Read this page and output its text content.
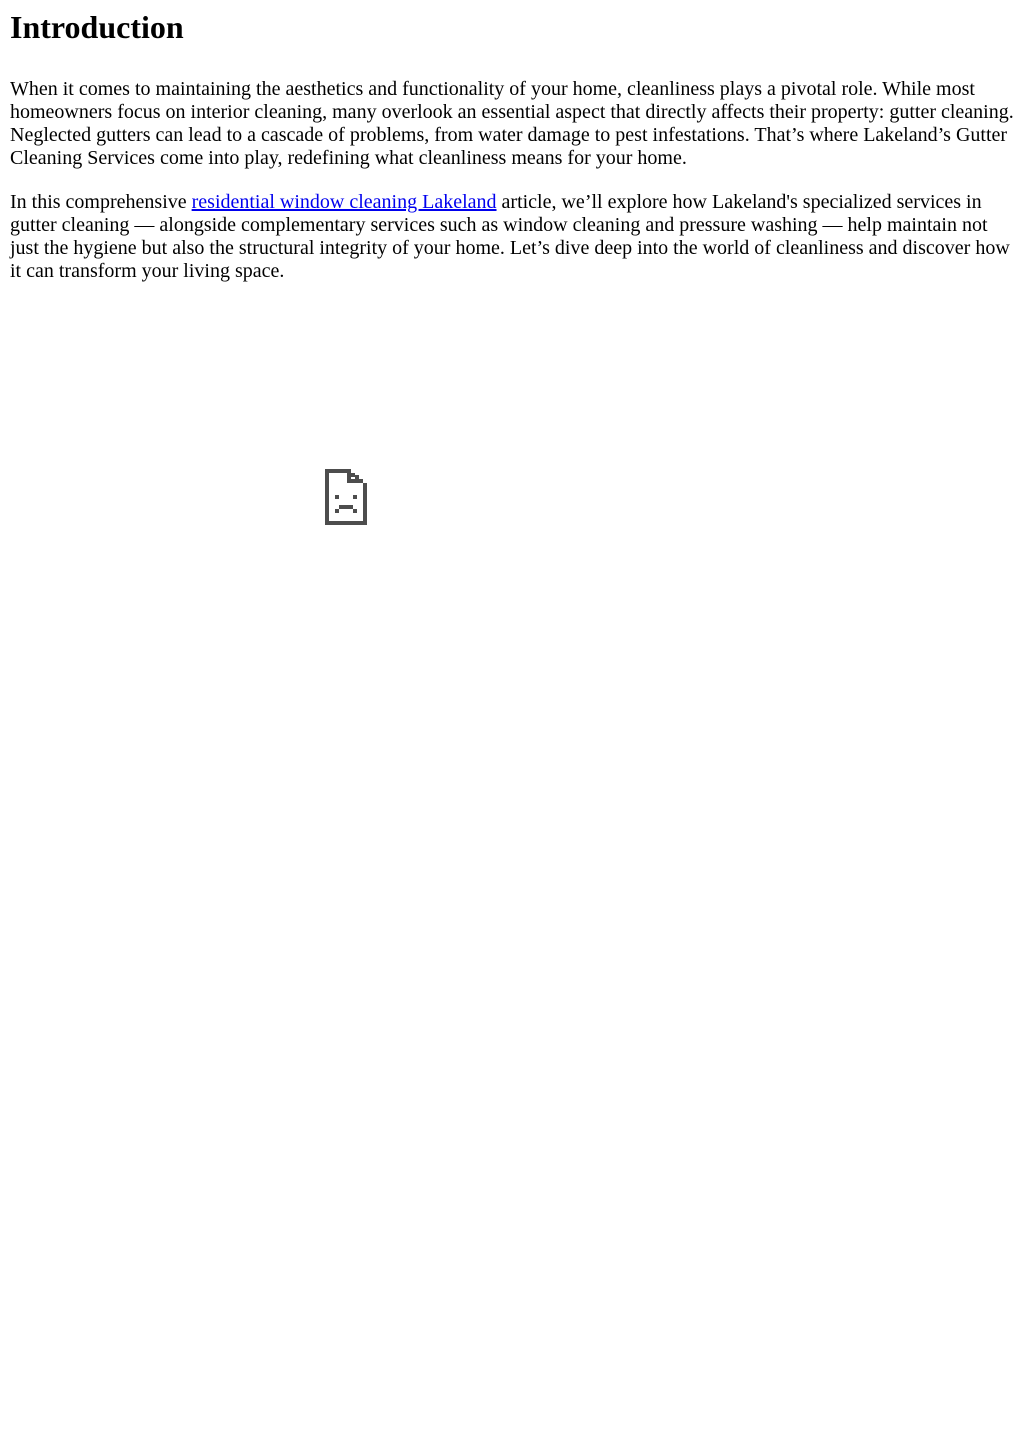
Introduction

When it comes to maintaining the aesthetics and functionality of your home, cleanliness plays a pivotal role. While most homeowners focus on interior cleaning, many overlook an essential aspect that directly affects their property: gutter cleaning. Neglected gutters can lead to a cascade of problems, from water damage to pest infestations. That’s where Lakeland’s Gutter Cleaning Services come into play, redefining what cleanliness means for your home.

In this comprehensive residential window cleaning Lakeland article, we’ll explore how Lakeland's specialized services in gutter cleaning — alongside complementary services such as window cleaning and pressure washing — help maintain not just the hygiene but also the structural integrity of your home. Let’s dive deep into the world of cleanliness and discover how it can transform your living space.
